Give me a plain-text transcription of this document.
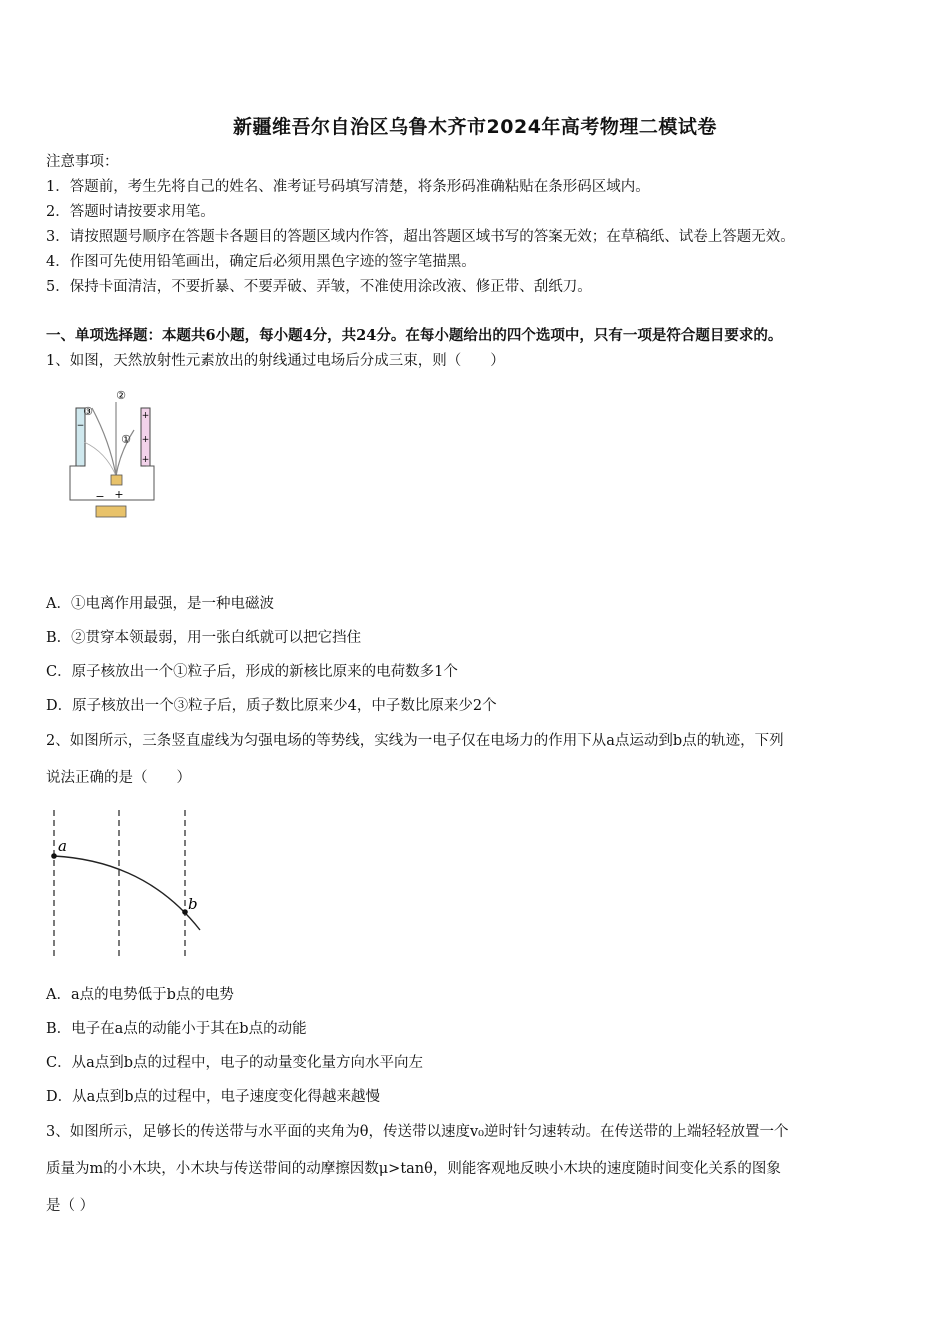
新疆维吾尔自治区乌鲁木齐市2024年高考物理二模试卷
注意事项：
1．答题前，考生先将自己的姓名、准考证号码填写清楚，将条形码准确粘贴在条形码区域内。
2．答题时请按要求用笔。
3．请按照题号顺序在答题卡各题目的答题区域内作答，超出答题区域书写的答案无效；在草稿纸、试卷上答题无效。
4．作图可先使用铅笔画出，确定后必须用黑色字迹的签字笔描黑。
5．保持卡面清洁，不要折暴、不要弄破、弄皱，不准使用涂改液、修正带、刮纸刀。
一、单项选择题：本题共6小题，每小题4分，共24分。在每小题给出的四个选项中，只有一项是符合题目要求的。
1、如图，天然放射性元素放出的射线通过电场后分成三束，则（　　）
−
+
+
+
③
②
①
− +
A．①电离作用最强，是一种电磁波
B．②贯穿本领最弱，用一张白纸就可以把它挡住
C．原子核放出一个①粒子后，形成的新核比原来的电荷数多1个
D．原子核放出一个③粒子后，质子数比原来少4，中子数比原来少2个
2、如图所示，三条竖直虚线为匀强电场的等势线，实线为一电子仅在电场力的作用下从a点运动到b点的轨迹，下列
说法正确的是（　　）
a
b
A．a点的电势低于b点的电势
B．电子在a点的动能小于其在b点的动能
C．从a点到b点的过程中，电子的动量变化量方向水平向左
D．从a点到b点的过程中，电子速度变化得越来越慢
3、如图所示，足够长的传送带与水平面的夹角为θ，传送带以速度v₀逆时针匀速转动。在传送带的上端轻轻放置一个
质量为m的小木块，小木块与传送带间的动摩擦因数μ>tanθ，则能客观地反映小木块的速度随时间变化关系的图象
是（ ）
